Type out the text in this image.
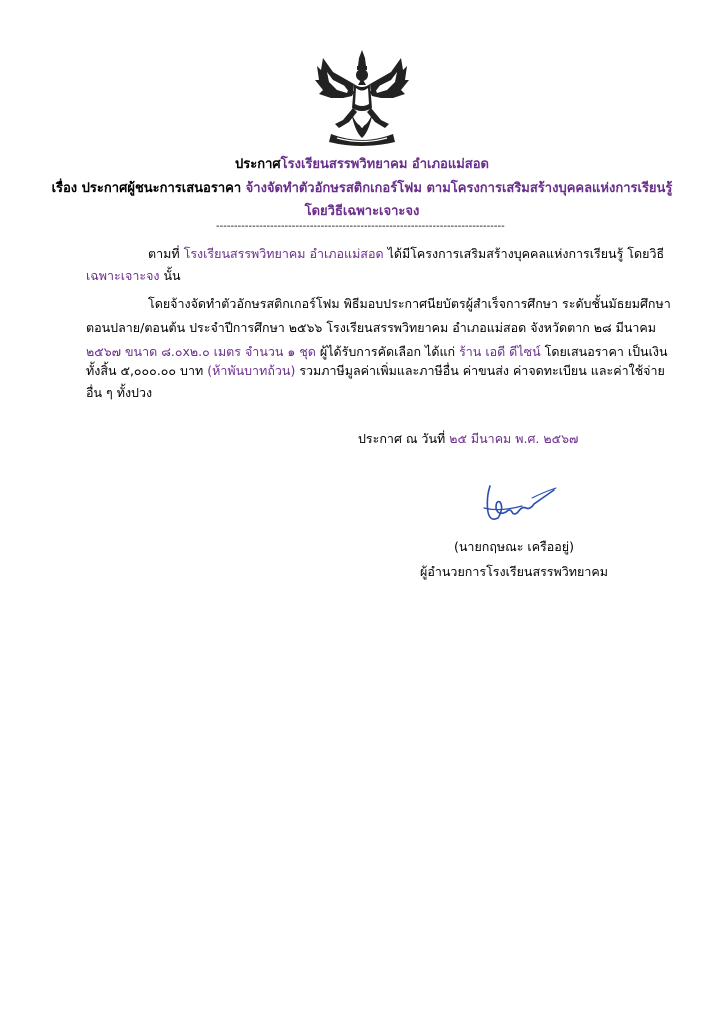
ประกาศโรงเรียนสรรพวิทยาคม อำเภอแม่สอด
เรื่อง ประกาศผู้ชนะการเสนอราคา จ้างจัดทำตัวอักษรสติกเกอร์โฟม ตามโครงการเสริมสร้างบุคคลแห่งการเรียนรู้
โดยวิธีเฉพาะเจาะจง
--------------------------------------------------------------------------------
ตามที่ โรงเรียนสรรพวิทยาคม อำเภอแม่สอด ได้มีโครงการเสริมสร้างบุคคลแห่งการเรียนรู้ โดยวิธี
เฉพาะเจาะจง นั้น
โดยจ้างจัดทำตัวอักษรสติกเกอร์โฟม พิธีมอบประกาศนียบัตรผู้สำเร็จการศึกษา ระดับชั้นมัธยมศึกษา
ตอนปลาย/ตอนต้น ประจำปีการศึกษา ๒๕๖๖ โรงเรียนสรรพวิทยาคม อำเภอแม่สอด จังหวัดตาก ๒๘ มีนาคม
๒๕๖๗ ขนาด ๘.๐x๒.๐ เมตร จำนวน ๑ ชุด ผู้ได้รับการคัดเลือก ได้แก่ ร้าน เอดี ดีไซน์ โดยเสนอราคา เป็นเงิน
ทั้งสิ้น ๕,๐๐๐.๐๐ บาท (ห้าพันบาทถ้วน) รวมภาษีมูลค่าเพิ่มและภาษีอื่น ค่าขนส่ง ค่าจดทะเบียน และค่าใช้จ่าย
อื่น ๆ ทั้งปวง
ประกาศ ณ วันที่ ๒๕ มีนาคม พ.ศ. ๒๕๖๗
(นายกฤษณะ เครืออยู่)
ผู้อำนวยการโรงเรียนสรรพวิทยาคม
